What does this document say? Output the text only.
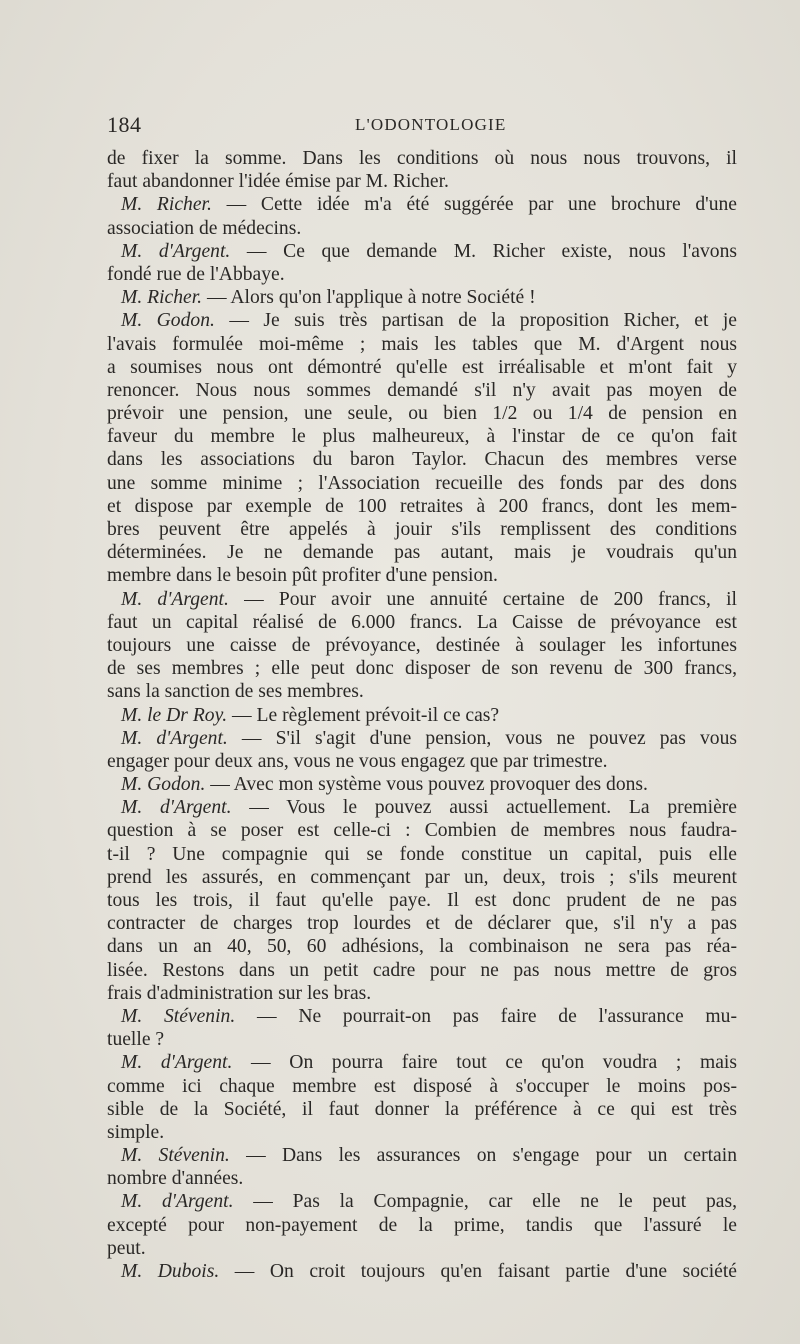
184	L'ODONTOLOGIE
de fixer la somme. Dans les conditions où nous nous trouvons, il
faut abandonner l'idée émise par M. Richer.
M. Richer. — Cette idée m'a été suggérée par une brochure d'une
association de médecins.
M. d'Argent. — Ce que demande M. Richer existe, nous l'avons
fondé rue de l'Abbaye.
M. Richer. — Alors qu'on l'applique à notre Société !
M. Godon. — Je suis très partisan de la proposition Richer, et je
l'avais formulée moi-même ; mais les tables que M. d'Argent nous
a soumises nous ont démontré qu'elle est irréalisable et m'ont fait y
renoncer. Nous nous sommes demandé s'il n'y avait pas moyen de
prévoir une pension, une seule, ou bien 1/2 ou 1/4 de pension en
faveur du membre le plus malheureux, à l'instar de ce qu'on fait
dans les associations du baron Taylor. Chacun des membres verse
une somme minime ; l'Association recueille des fonds par des dons
et dispose par exemple de 100 retraites à 200 francs, dont les mem-
bres peuvent être appelés à jouir s'ils remplissent des conditions
déterminées. Je ne demande pas autant, mais je voudrais qu'un
membre dans le besoin pût profiter d'une pension.
M. d'Argent. — Pour avoir une annuité certaine de 200 francs, il
faut un capital réalisé de 6.000 francs. La Caisse de prévoyance est
toujours une caisse de prévoyance, destinée à soulager les infortunes
de ses membres ; elle peut donc disposer de son revenu de 300 francs,
sans la sanction de ses membres.
M. le Dr Roy. — Le règlement prévoit-il ce cas?
M. d'Argent. — S'il s'agit d'une pension, vous ne pouvez pas vous
engager pour deux ans, vous ne vous engagez que par trimestre.
M. Godon. — Avec mon système vous pouvez provoquer des dons.
M. d'Argent. — Vous le pouvez aussi actuellement. La première
question à se poser est celle-ci : Combien de membres nous faudra-
t-il ? Une compagnie qui se fonde constitue un capital, puis elle
prend les assurés, en commençant par un, deux, trois ; s'ils meurent
tous les trois, il faut qu'elle paye. Il est donc prudent de ne pas
contracter de charges trop lourdes et de déclarer que, s'il n'y a pas
dans un an 40, 50, 60 adhésions, la combinaison ne sera pas réa-
lisée. Restons dans un petit cadre pour ne pas nous mettre de gros
frais d'administration sur les bras.
M. Stévenin. — Ne pourrait-on pas faire de l'assurance mu-
tuelle ?
M. d'Argent. — On pourra faire tout ce qu'on voudra ; mais
comme ici chaque membre est disposé à s'occuper le moins pos-
sible de la Société, il faut donner la préférence à ce qui est très
simple.
M. Stévenin. — Dans les assurances on s'engage pour un certain
nombre d'années.
M. d'Argent. — Pas la Compagnie, car elle ne le peut pas,
excepté pour non-payement de la prime, tandis que l'assuré le
peut.
M. Dubois. — On croit toujours qu'en faisant partie d'une société
